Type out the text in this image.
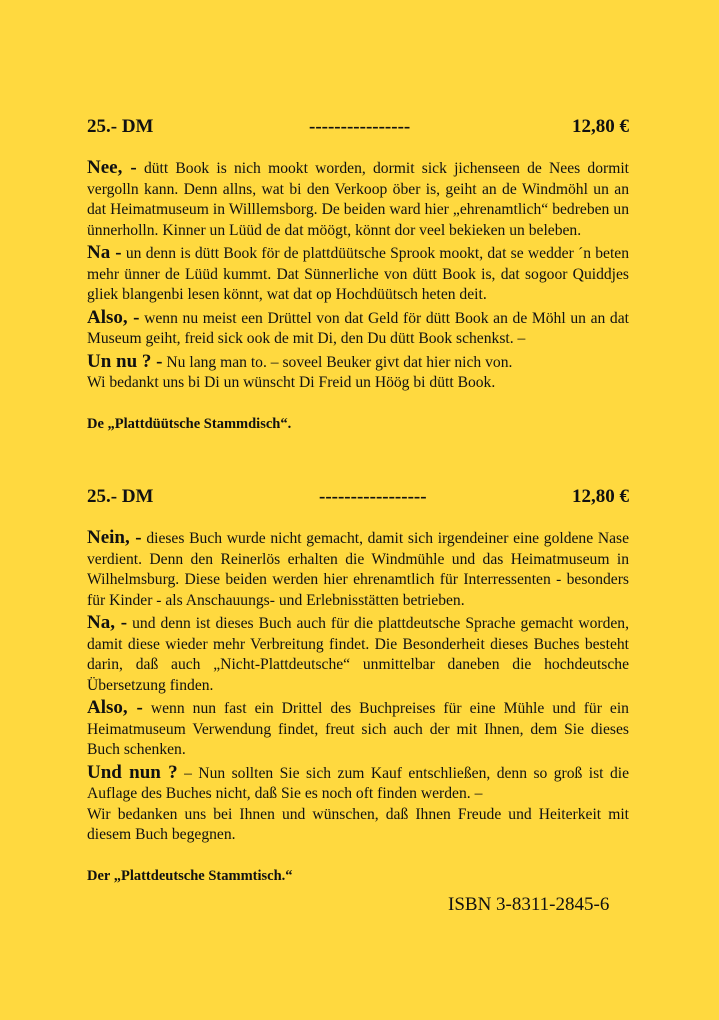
25.- DM	----------------	12,80 €

Nee, - dütt Book is nich mookt worden, dormit sick jichenseen de Nees dormit vergolln kann. Denn allns, wat bi den Verkoop öber is, geiht an de Windmöhl un an dat Heimatmuseum in Willlemsborg. De beiden ward hier „ehrenamtlich“ bedreben un ünnerholln. Kinner un Lüüd de dat möögt, könnt dor veel bekieken un beleben.

Na - un denn is dütt Book för de plattdüütsche Sprook mookt, dat se wedder ´n beten mehr ünner de Lüüd kummt. Dat Sünnerliche von dütt Book is, dat sogoor Quiddjes gliek blangenbi lesen könnt, wat dat op Hochdüütsch heten deit.

Also, - wenn nu meist een Drüttel von dat Geld för dütt Book an de Möhl un an dat Museum geiht, freid sick ook de mit Di, den Du dütt Book schenkst. –

Un nu ? - Nu lang man to. – soveel Beuker givt dat hier nich von.

Wi bedankt uns bi Di un wünscht Di Freid un Höög bi dütt Book.

De „Plattdüütsche Stammdisch“.
25.- DM	-----------------	12,80 €

Nein, - dieses Buch wurde nicht gemacht, damit sich irgendeiner eine goldene Nase verdient. Denn den Reinerlös erhalten die Windmühle und das Heimatmuseum in Wilhelmsburg. Diese beiden werden hier ehrenamtlich für Interressenten - besonders für Kinder - als Anschauungs- und Erlebnisstätten betrieben.

Na, - und denn ist dieses Buch auch für die plattdeutsche Sprache gemacht worden, damit diese wieder mehr Verbreitung findet. Die Besonderheit dieses Buches besteht darin, daß auch „Nicht-Plattdeutsche“ unmittelbar daneben die hochdeutsche Übersetzung finden.

Also, - wenn nun fast ein Drittel des Buchpreises für eine Mühle und für ein Heimatmuseum Verwendung findet, freut sich auch der mit Ihnen, dem Sie dieses Buch schenken.

Und nun ? – Nun sollten Sie sich zum Kauf entschließen, denn so groß ist die Auflage des Buches nicht, daß Sie es noch oft finden werden. –

Wir bedanken uns bei Ihnen und wünschen, daß Ihnen Freude und Heiterkeit mit diesem Buch begegnen.

Der „Plattdeutsche Stammtisch.“
ISBN 3-8311-2845-6
